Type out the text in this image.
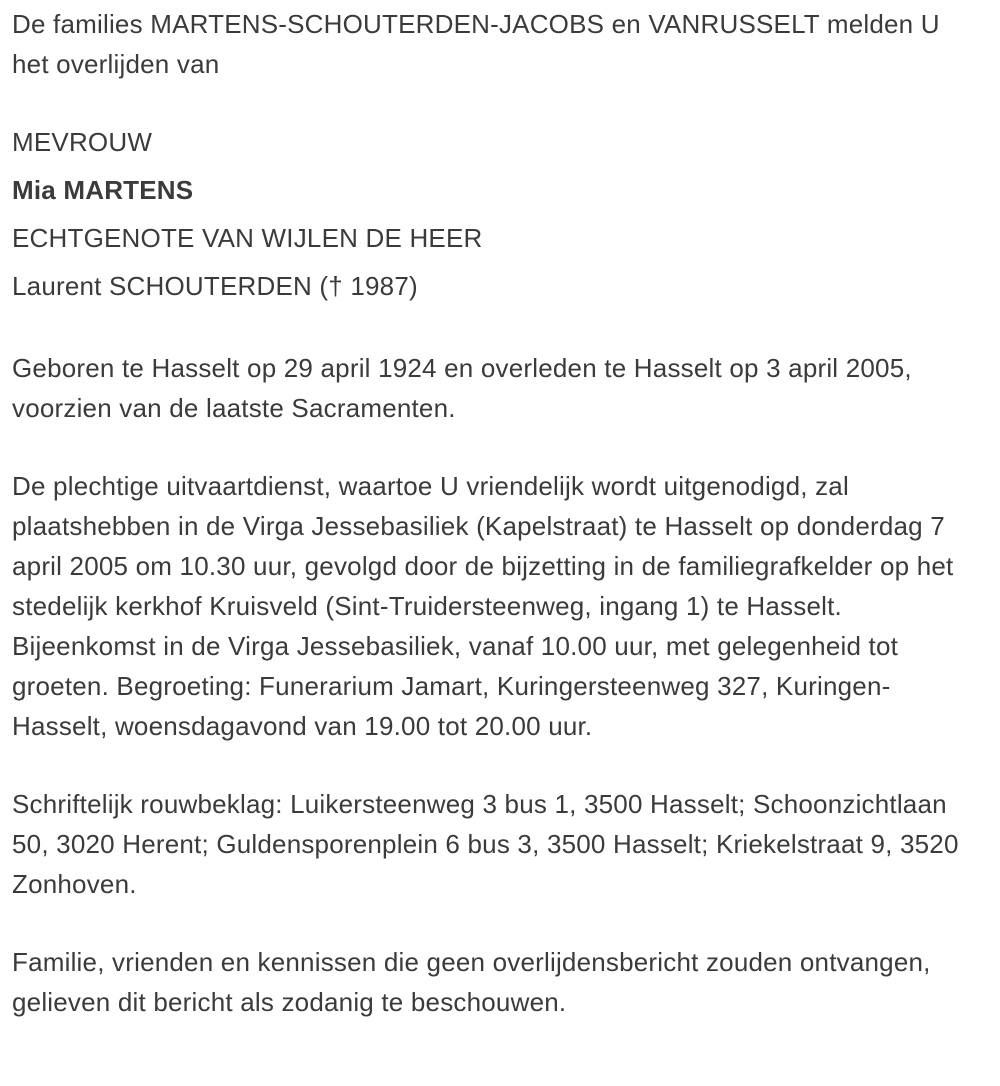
De families MARTENS-SCHOUTERDEN-JACOBS en VANRUSSELT melden U het overlijden van

MEVROUW

Mia MARTENS

ECHTGENOTE VAN WIJLEN DE HEER

Laurent SCHOUTERDEN († 1987)

Geboren te Hasselt op 29 april 1924 en overleden te Hasselt op 3 april 2005, voorzien van de laatste Sacramenten.

De plechtige uitvaartdienst, waartoe U vriendelijk wordt uitgenodigd, zal plaatshebben in de Virga Jessebasiliek (Kapelstraat) te Hasselt op donderdag 7 april 2005 om 10.30 uur, gevolgd door de bijzetting in de familiegrafkelder op het stedelijk kerkhof Kruisveld (Sint-Truidersteenweg, ingang 1) te Hasselt. Bijeenkomst in de Virga Jessebasiliek, vanaf 10.00 uur, met gelegenheid tot groeten. Begroeting: Funerarium Jamart, Kuringersteenweg 327, Kuringen-Hasselt, woensdagavond van 19.00 tot 20.00 uur.

Schriftelijk rouwbeklag: Luikersteenweg 3 bus 1, 3500 Hasselt; Schoonzichtlaan 50, 3020 Herent; Guldensporenplein 6 bus 3, 3500 Hasselt; Kriekelstraat 9, 3520 Zonhoven.

Familie, vrienden en kennissen die geen overlijdensbericht zouden ontvangen, gelieven dit bericht als zodanig te beschouwen.
